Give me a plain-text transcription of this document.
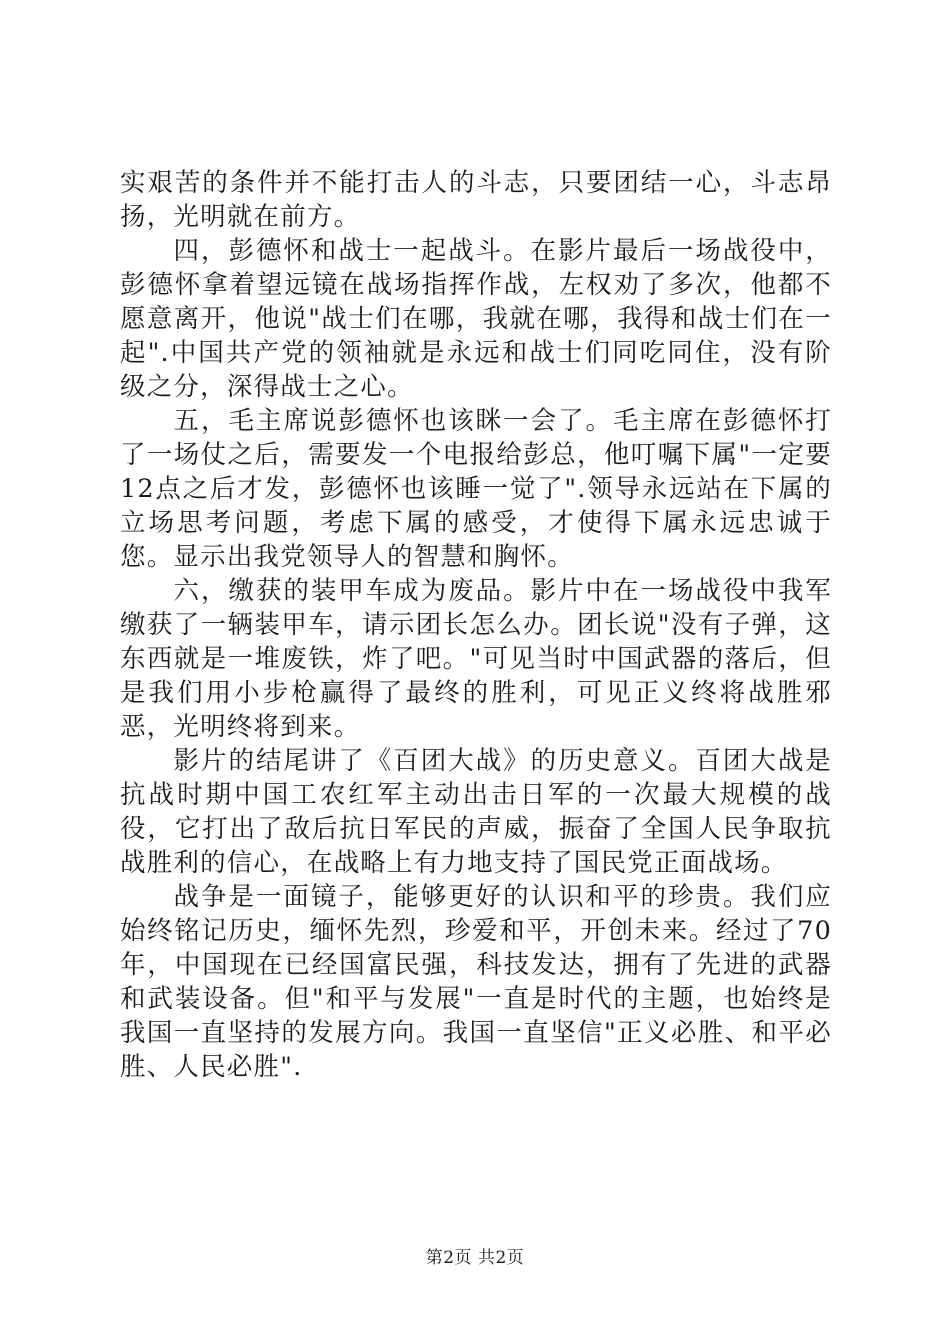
实艰苦的条件并不能打击人的斗志，只要团结一心，斗志昂扬，光明就在前方。

四，彭德怀和战士一起战斗。在影片最后一场战役中，彭德怀拿着望远镜在战场指挥作战，左权劝了多次，他都不愿意离开，他说"战士们在哪，我就在哪，我得和战士们在一起".中国共产党的领袖就是永远和战士们同吃同住，没有阶级之分，深得战士之心。

五，毛主席说彭德怀也该眯一会了。毛主席在彭德怀打了一场仗之后，需要发一个电报给彭总，他叮嘱下属"一定要12点之后才发，彭德怀也该睡一觉了".领导永远站在下属的立场思考问题，考虑下属的感受，才使得下属永远忠诚于您。显示出我党领导人的智慧和胸怀。

六，缴获的装甲车成为废品。影片中在一场战役中我军缴获了一辆装甲车，请示团长怎么办。团长说"没有子弹，这东西就是一堆废铁，炸了吧。"可见当时中国武器的落后，但是我们用小步枪赢得了最终的胜利，可见正义终将战胜邪恶，光明终将到来。

影片的结尾讲了《百团大战》的历史意义。百团大战是抗战时期中国工农红军主动出击日军的一次最大规模的战役，它打出了敌后抗日军民的声威，振奋了全国人民争取抗战胜利的信心，在战略上有力地支持了国民党正面战场。

战争是一面镜子，能够更好的认识和平的珍贵。我们应始终铭记历史，缅怀先烈，珍爱和平，开创未来。经过了70年，中国现在已经国富民强，科技发达，拥有了先进的武器和武装设备。但"和平与发展"一直是时代的主题，也始终是我国一直坚持的发展方向。我国一直坚信"正义必胜、和平必胜、人民必胜".

第2页 共2页
